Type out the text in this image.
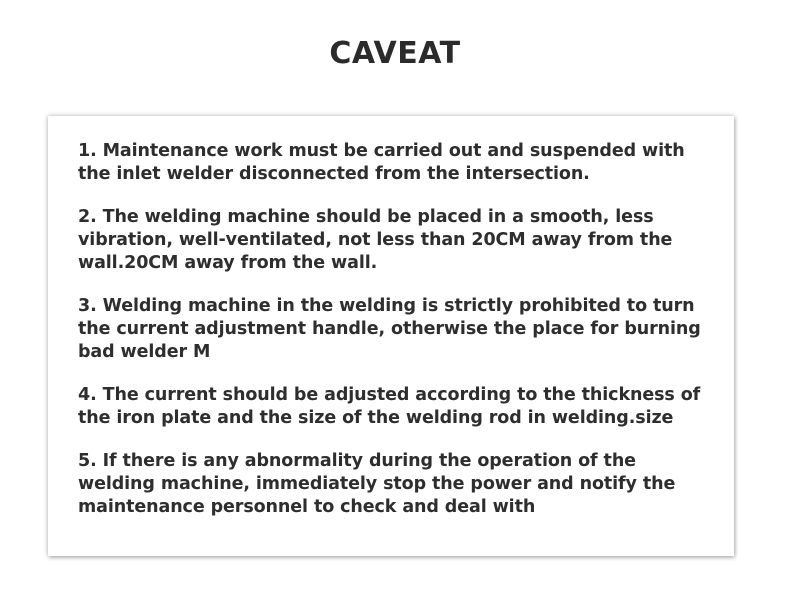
CAVEAT
1. Maintenance work must be carried out and suspended with the inlet welder disconnected from the intersection.
2. The welding machine should be placed in a smooth, less vibration, well-ventilated, not less than 20CM away from the wall.20CM away from the wall.
3. Welding machine in the welding is strictly prohibited to turn the current adjustment handle, otherwise the place for burning bad welder M
4. The current should be adjusted according to the thickness of the iron plate and the size of the welding rod in welding.size
5. If there is any abnormality during the operation of the welding machine, immediately stop the power and notify the maintenance personnel to check and deal with
